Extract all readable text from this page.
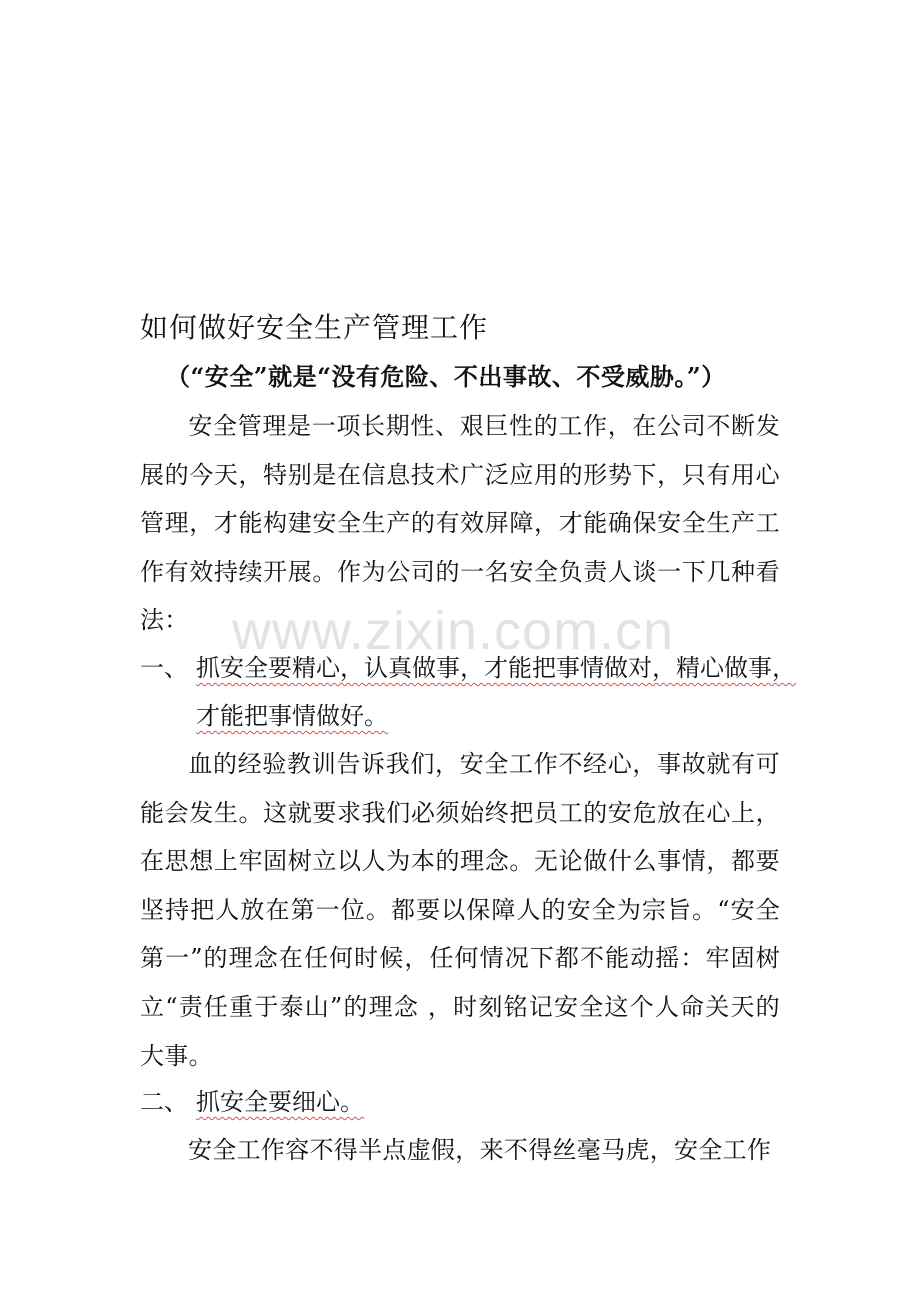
如何做好安全生产管理工作

（“安全”就是“没有危险、不出事故、不受威胁。”）

安全管理是一项长期性、艰巨性的工作，在公司不断发展的今天，特别是在信息技术广泛应用的形势下，只有用心管理，才能构建安全生产的有效屏障，才能确保安全生产工作有效持续开展。作为公司的一名安全负责人谈一下几种看法：

一、 抓安全要精心，认真做事，才能把事情做对，精心做事，

才能把事情做好。

血的经验教训告诉我们，安全工作不经心，事故就有可能会发生。这就要求我们必须始终把员工的安危放在心上，在思想上牢固树立以人为本的理念。无论做什么事情，都要坚持把人放在第一位。都要以保障人的安全为宗旨。“安全第一”的理念在任何时候，任何情况下都不能动摇：牢固树立“责任重于泰山”的理念 ，时刻铭记安全这个人命关天的大事。

二、 抓安全要细心。

安全工作容不得半点虚假，来不得丝毫马虎，安全工作

www.zixin.com.cn
